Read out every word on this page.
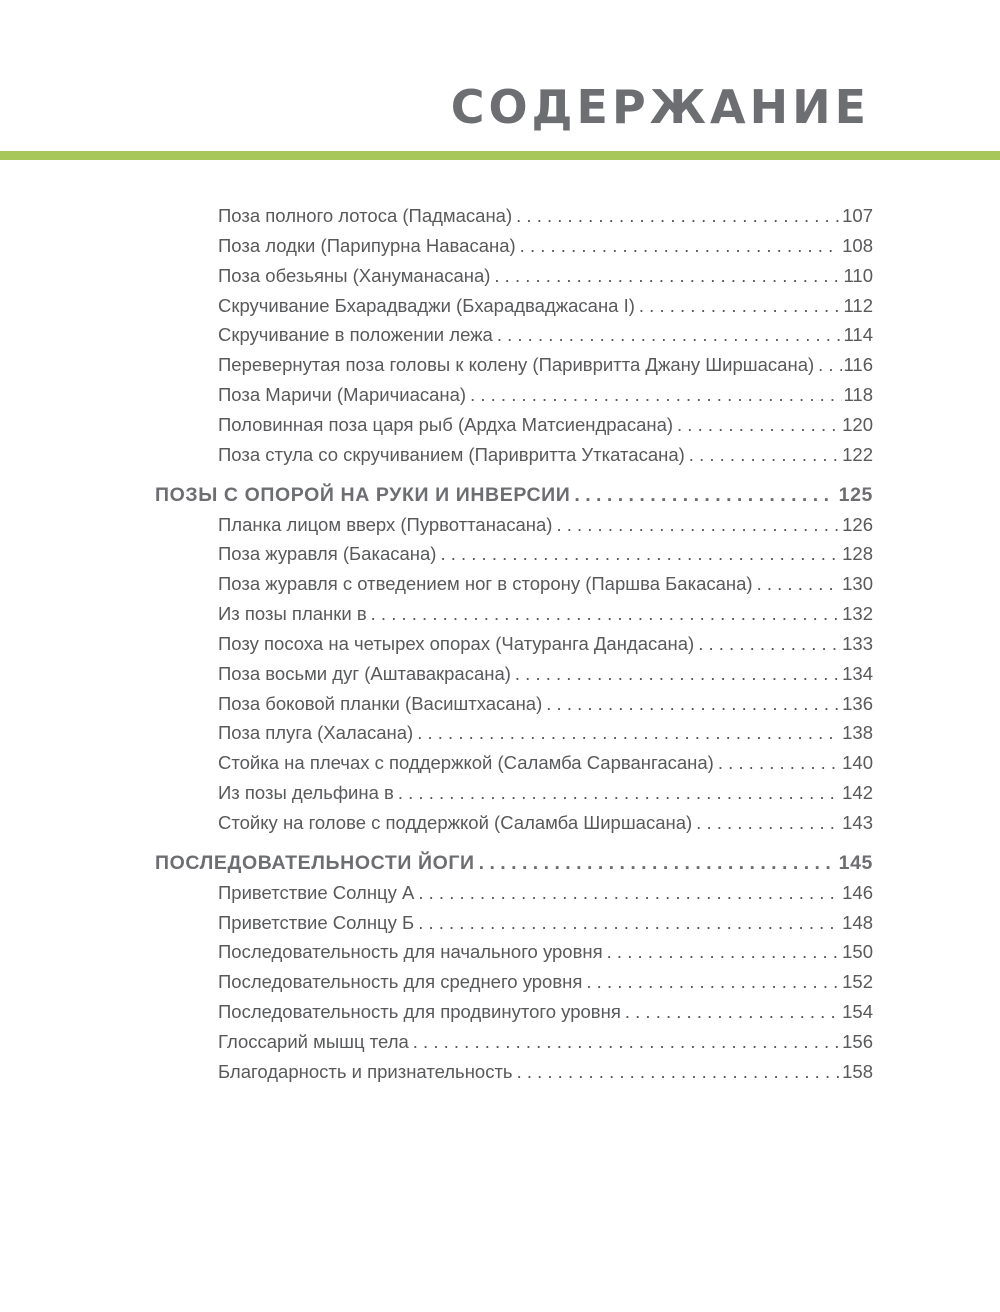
СОДЕРЖАНИЕ
Поза полного лотоса (Падмасана) . . .	107
Поза лодки (Парипурна Навасана) . . .	108
Поза обезьяны (Хануманасана) . . .	110
Скручивание Бхарадваджи (Бхарадваджасана I) . . .	112
Скручивание в положении лежа . . .	114
Перевернутая поза головы к колену (Паривритта Джану Ширшасана) . . . 116
Поза Маричи (Маричиасана) . . .	118
Половинная поза царя рыб (Ардха Матсиендрасана) . . .	120
Поза стула со скручиванием (Паривритта Уткатасана) . . .	122
ПОЗЫ С ОПОРОЙ НА РУКИ И ИНВЕРСИИ . . .	125
Планка лицом вверх (Пурвоттанасана) . . .	126
Поза журавля (Бакасана) . . .	128
Поза журавля с отведением ног в сторону (Паршва Бакасана) . . .	130
Из позы планки в . . .	132
Позу посоха на четырех опорах (Чатуранга Дандасана) . . .	133
Поза восьми дуг (Аштавакрасана) . . .	134
Поза боковой планки (Васиштхасана) . . .	136
Поза плуга (Халасана) . . .	138
Стойка на плечах с поддержкой (Саламба Сарвангасана) . . .	140
Из позы дельфина в . . .	142
Стойку на голове с поддержкой (Саламба Ширшасана) . . .	143
ПОСЛЕДОВАТЕЛЬНОСТИ ЙОГИ . . .	145
Приветствие Солнцу А . . .	146
Приветствие Солнцу Б . . .	148
Последовательность для начального уровня . . .	150
Последовательность для среднего уровня . . .	152
Последовательность для продвинутого уровня . . .	154
Глоссарий мышц тела . . .	156
Благодарность и признательность . . .	158
